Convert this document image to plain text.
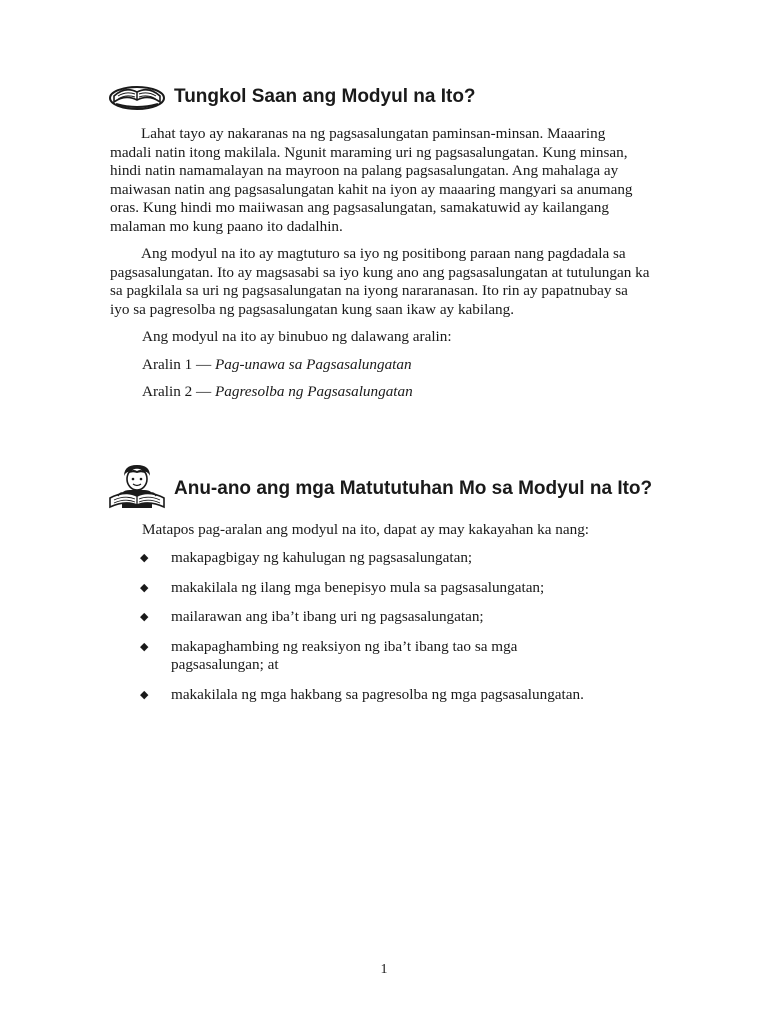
Tungkol Saan ang Modyul na Ito?

Lahat tayo ay nakaranas na ng pagsasalungatan paminsan-minsan. Maaaring madali natin itong makilala. Ngunit maraming uri ng pagsasalungatan. Kung minsan, hindi natin namamalayan na mayroon na palang pagsasalungatan. Ang mahalaga ay maiwasan natin ang pagsasalungatan kahit na iyon ay maaaring mangyari sa anumang oras. Kung hindi mo maiiwasan ang pagsasalungatan, samakatuwid ay kailangang malaman mo kung paano ito dadalhin.

Ang modyul na ito ay magtuturo sa iyo ng positibong paraan nang pagdadala sa pagsasalungatan. Ito ay magsasabi sa iyo kung ano ang pagsasalungatan at tutulungan ka sa pagkilala sa uri ng pagsasalungatan na iyong nararanasan. Ito rin ay papatnubay sa iyo sa pagresolba ng pagsasalungatan kung saan ikaw ay kabilang.

Ang modyul na ito ay binubuo ng dalawang aralin:

Aralin 1 — Pag-unawa sa Pagsasalungatan

Aralin 2 — Pagresolba ng Pagsasalungatan

Anu-ano ang mga Matututuhan Mo sa Modyul na Ito?

Matapos pag-aralan ang modyul na ito, dapat ay may kakayahan ka nang:

◆ makapagbigay ng kahulugan ng pagsasalungatan;
◆ makakilala ng ilang mga benepisyo mula sa pagsasalungatan;
◆ mailarawan ang iba’t ibang uri ng pagsasalungatan;
◆ makapaghambing ng reaksiyon ng iba’t ibang tao sa mga pagsasalungan; at
◆ makakilala ng mga hakbang sa pagresolba ng mga pagsasalungatan.
1
